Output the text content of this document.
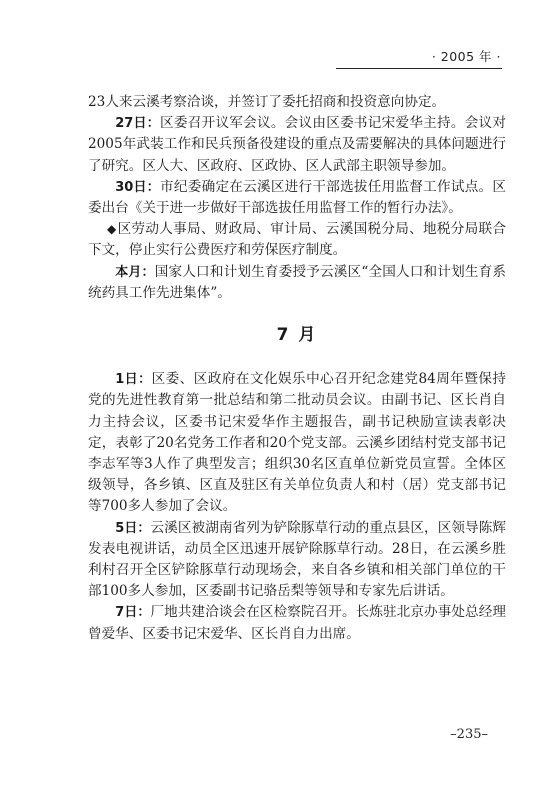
· 2005 年 ·

23人来云溪考察洽谈，并签订了委托招商和投资意向协定。

27日：区委召开议军会议。会议由区委书记宋爱华主持。会议对2005年武装工作和民兵预备役建设的重点及需要解决的具体问题进行了研究。区人大、区政府、区政协、区人武部主职领导参加。

30日：市纪委确定在云溪区进行干部选拔任用监督工作试点。区委出台《关于进一步做好干部选拔任用监督工作的暂行办法》。

◆区劳动人事局、财政局、审计局、云溪国税分局、地税分局联合下文，停止实行公费医疗和劳保医疗制度。

本月：国家人口和计划生育委授予云溪区“全国人口和计划生育系统药具工作先进集体”。

7 月

1日：区委、区政府在文化娱乐中心召开纪念建党84周年暨保持党的先进性教育第一批总结和第二批动员会议。由副书记、区长肖自力主持会议，区委书记宋爱华作主题报告，副书记秧励宣读表彰决定，表彰了20名党务工作者和20个党支部。云溪乡团结村党支部书记李志军等3人作了典型发言；组织30名区直单位新党员宣誓。全体区级领导，各乡镇、区直及驻区有关单位负责人和村（居）党支部书记等700多人参加了会议。

5日：云溪区被湖南省列为铲除豚草行动的重点县区，区领导陈辉发表电视讲话，动员全区迅速开展铲除豚草行动。28日，在云溪乡胜利村召开全区铲除豚草行动现场会，来自各乡镇和相关部门单位的干部100多人参加，区委副书记骆岳梨等领导和专家先后讲话。

7日：厂地共建洽谈会在区检察院召开。长炼驻北京办事处总经理曾爱华、区委书记宋爱华、区长肖自力出席。

–235–
